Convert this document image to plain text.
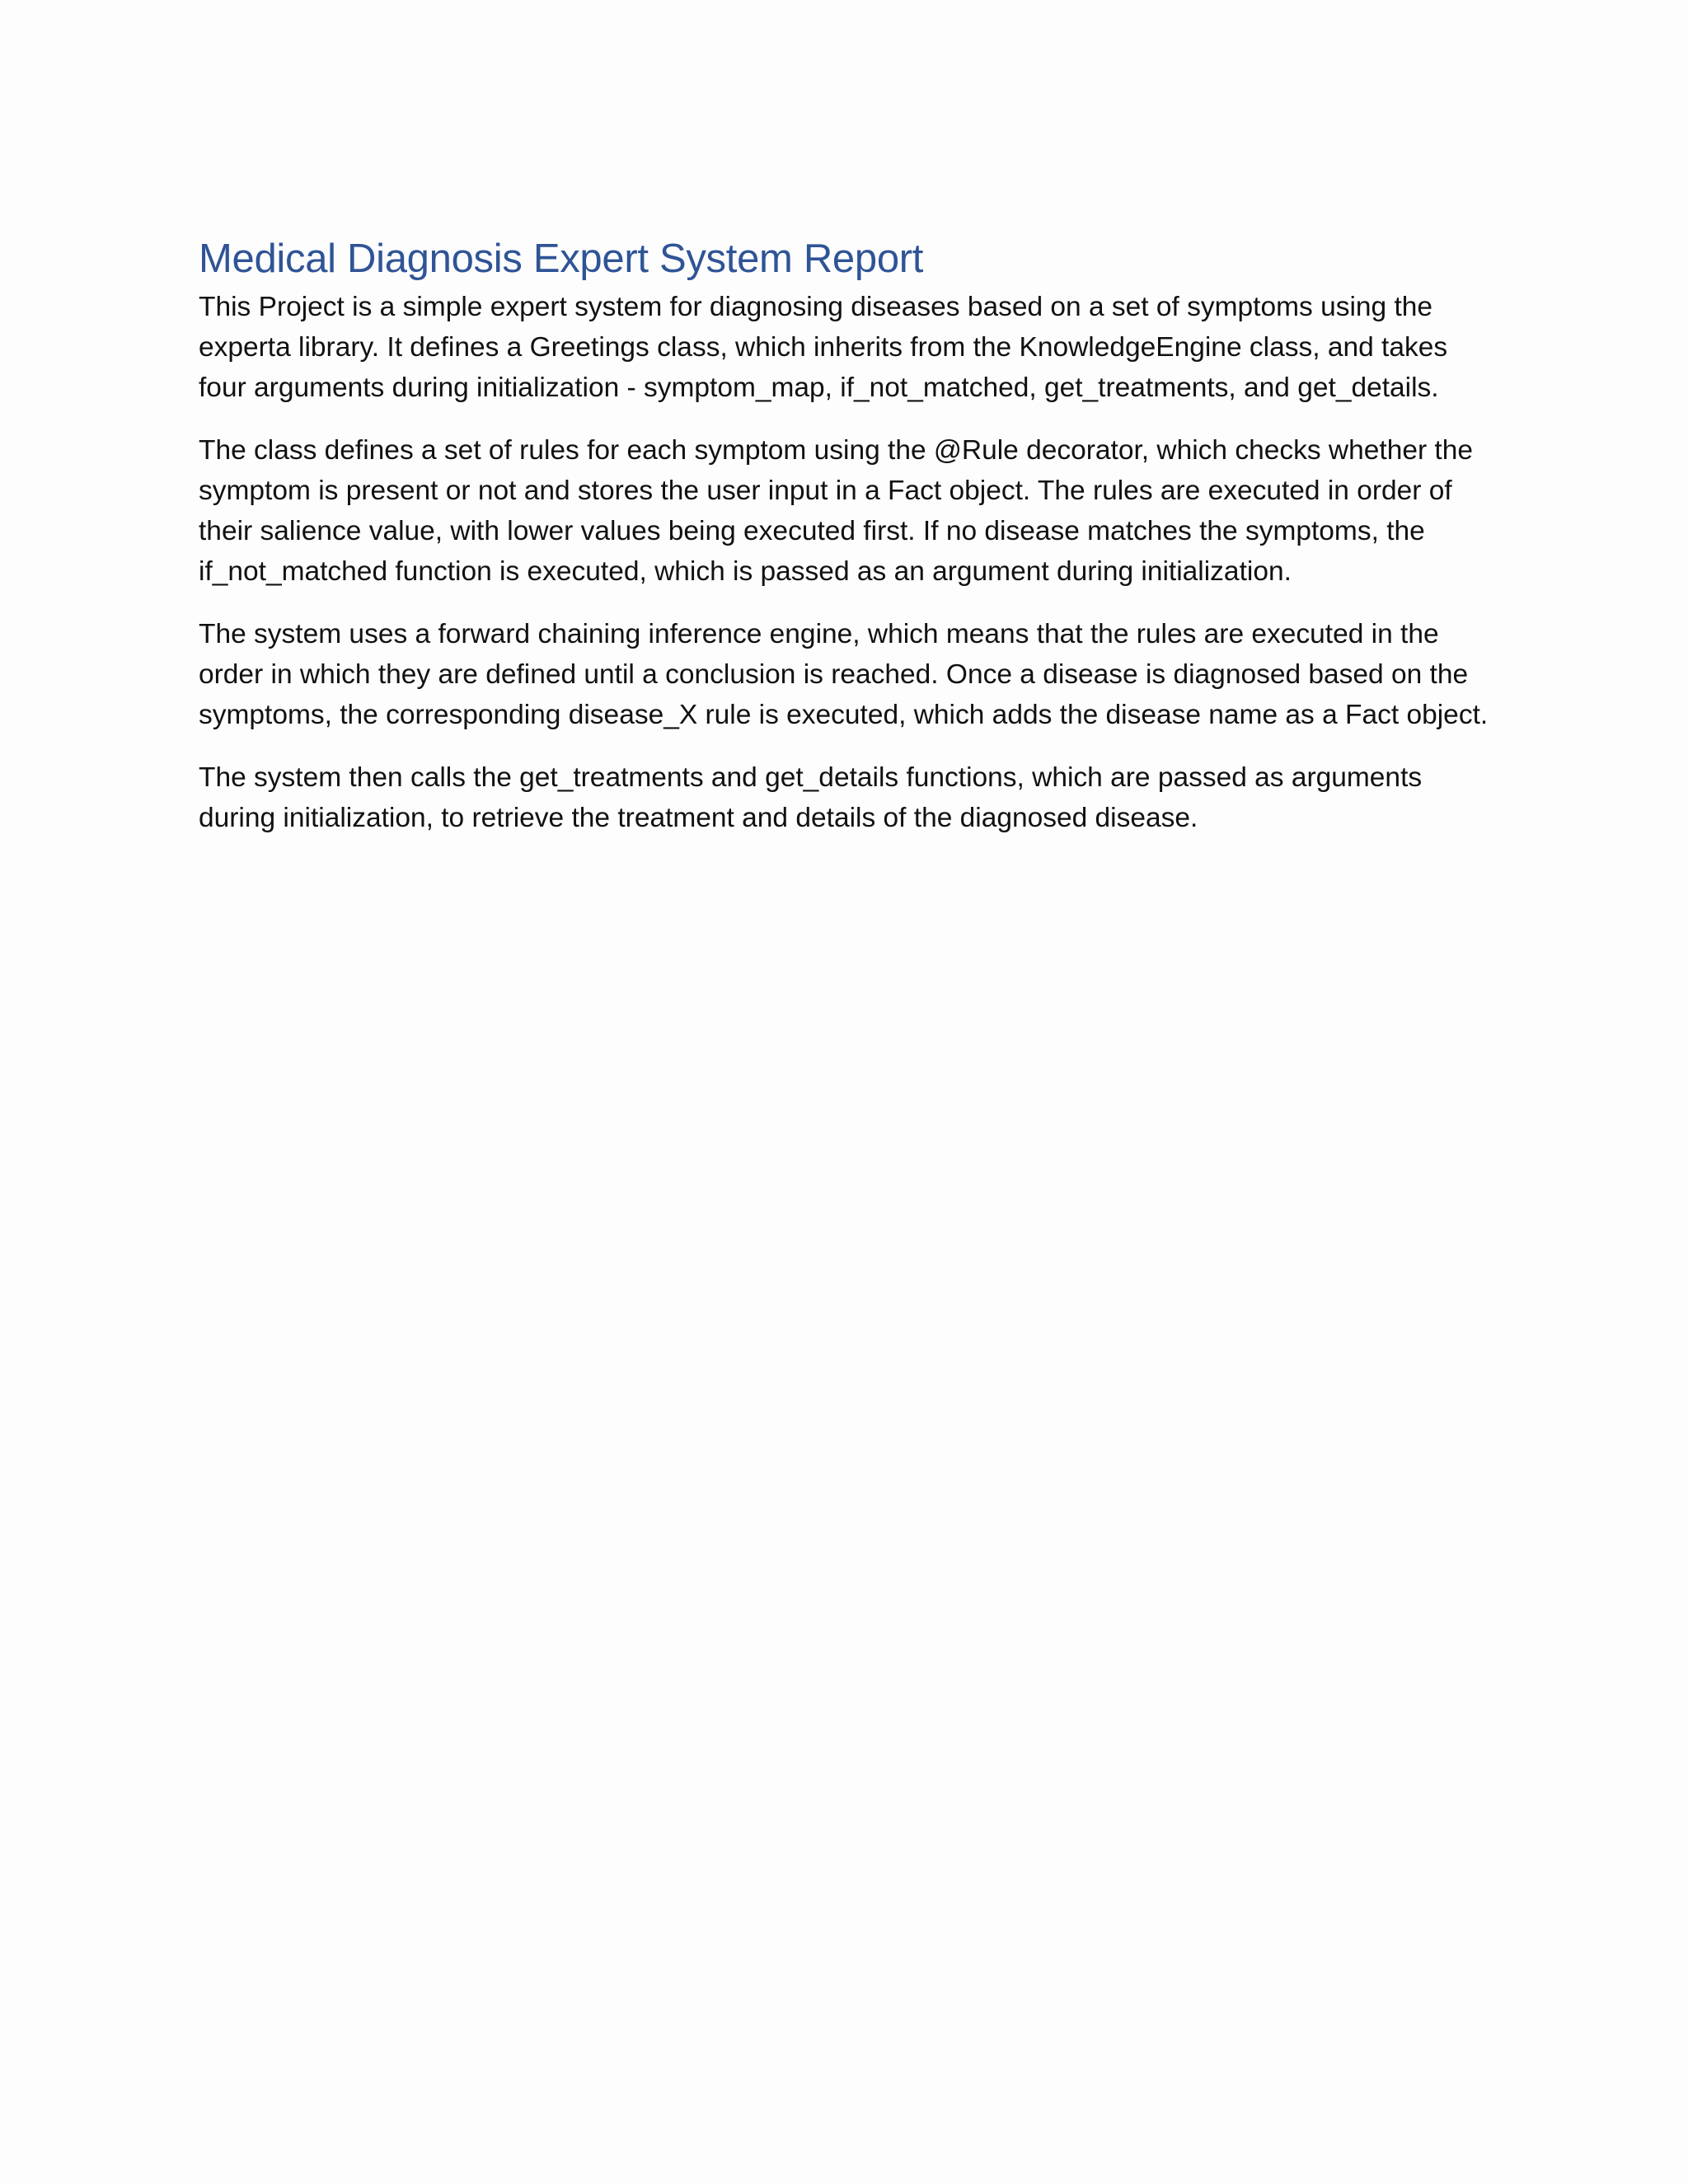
Medical Diagnosis Expert System Report

This Project is a simple expert system for diagnosing diseases based on a set of symptoms using the
experta library. It defines a Greetings class, which inherits from the KnowledgeEngine class, and takes
four arguments during initialization - symptom_map, if_not_matched, get_treatments, and get_details.

The class defines a set of rules for each symptom using the @Rule decorator, which checks whether the
symptom is present or not and stores the user input in a Fact object. The rules are executed in order of
their salience value, with lower values being executed first. If no disease matches the symptoms, the
if_not_matched function is executed, which is passed as an argument during initialization.

The system uses a forward chaining inference engine, which means that the rules are executed in the
order in which they are defined until a conclusion is reached. Once a disease is diagnosed based on the
symptoms, the corresponding disease_X rule is executed, which adds the disease name as a Fact object.

The system then calls the get_treatments and get_details functions, which are passed as arguments
during initialization, to retrieve the treatment and details of the diagnosed disease.
